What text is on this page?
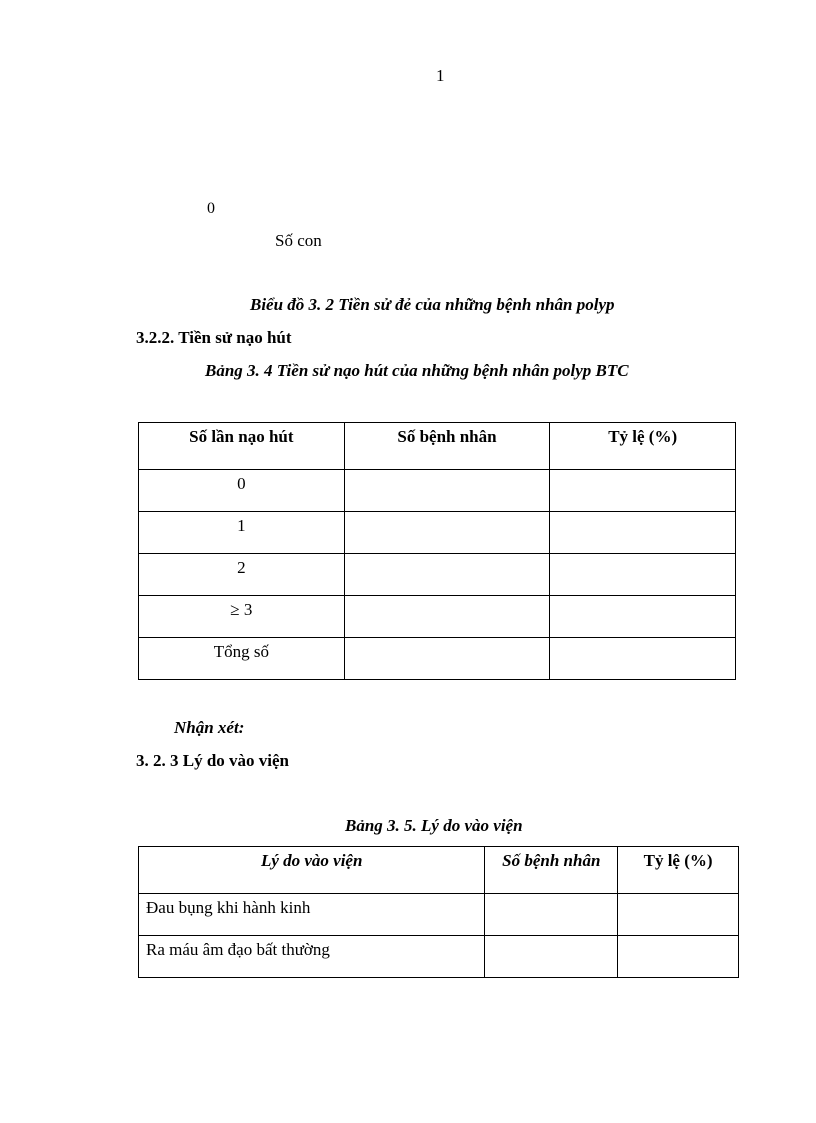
1
0
Số con
Biểu đồ 3. 2 Tiền sử đẻ của những bệnh nhân polyp
3.2.2. Tiền sử nạo hút
Bảng 3. 4 Tiền sử nạo hút của những bệnh nhân polyp BTC
Số lần nạo hút	Số bệnh nhân	Tỷ lệ (%)
0		
1		
2		
≥ 3		
Tổng số		
Nhận xét:
3. 2. 3 Lý do vào viện
Bảng 3. 5. Lý do vào viện
Lý do vào viện	Số bệnh nhân	Tỷ lệ (%)
Đau bụng khi hành kinh		
Ra máu âm đạo bất thường		
